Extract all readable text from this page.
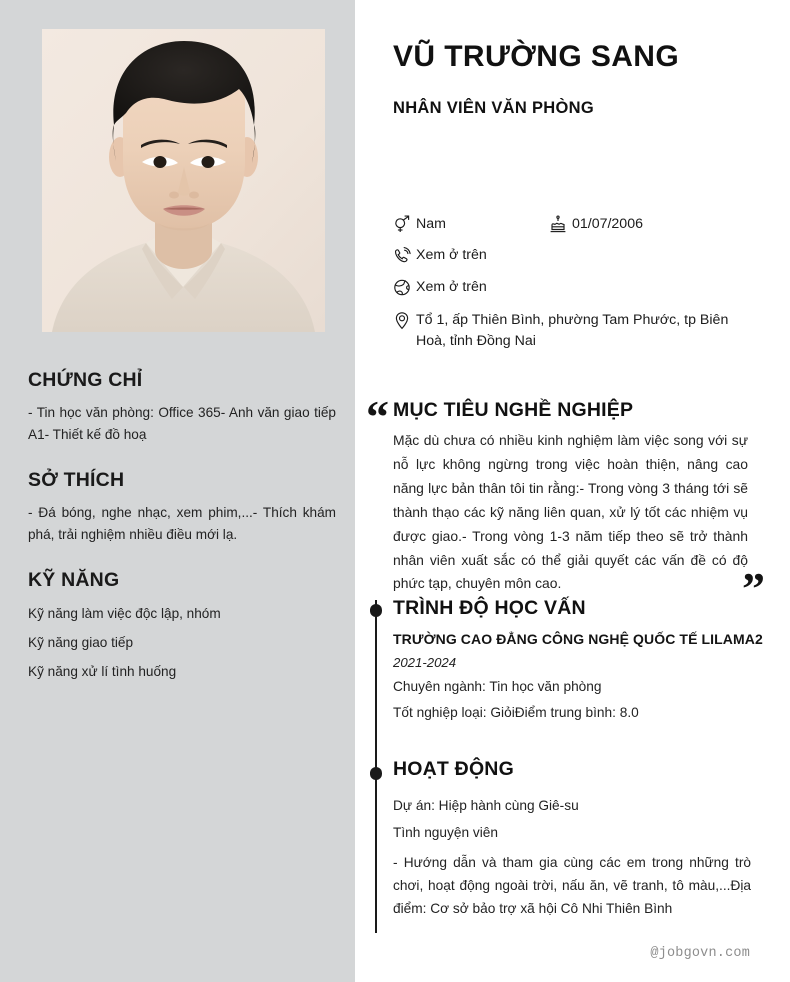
CHỨNG CHỈ

- Tin học văn phòng: Office 365- Anh văn giao tiếp A1- Thiết kế đồ hoạ

SỞ THÍCH

- Đá bóng, nghe nhạc, xem phim,...- Thích khám phá, trải nghiệm nhiều điều mới lạ.

KỸ NĂNG

Kỹ năng làm việc độc lập, nhóm

Kỹ năng giao tiếp

Kỹ năng xử lí tình huống

VŨ TRƯỜNG SANG
NHÂN VIÊN VĂN PHÒNG
Nam	01/07/2006
Xem ở trên
Xem ở trên
Tổ 1, ấp Thiên Bình, phường Tam Phước, tp Biên Hoà, tỉnh Đồng Nai
“ MỤC TIÊU NGHỀ NGHIỆP

Mặc dù chưa có nhiều kinh nghiệm làm việc song với sự nỗ lực không ngừng trong việc hoàn thiện, nâng cao năng lực bản thân tôi tin rằng:- Trong vòng 3 tháng tới sẽ thành thạo các kỹ năng liên quan, xử lý tốt các nhiệm vụ được giao.- Trong vòng 1-3 năm tiếp theo sẽ trở thành nhân viên xuất sắc có thể giải quyết các vấn đề có độ phức tạp, chuyên môn cao.	”
TRÌNH ĐỘ HỌC VẤN

TRƯỜNG CAO ĐẲNG CÔNG NGHỆ QUỐC TẾ LILAMA2

2021-2024

Chuyên ngành: Tin học văn phòng

Tốt nghiệp loại: GiỏiĐiểm trung bình: 8.0

HOẠT ĐỘNG

Dự án: Hiệp hành cùng Giê-su

Tình nguyện viên

- Hướng dẫn và tham gia cùng các em trong những trò chơi, hoạt động ngoài trời, nấu ăn, vẽ tranh, tô màu,...Địa điểm: Cơ sở bảo trợ xã hội Cô Nhi Thiên Bình

@jobgovn.com
